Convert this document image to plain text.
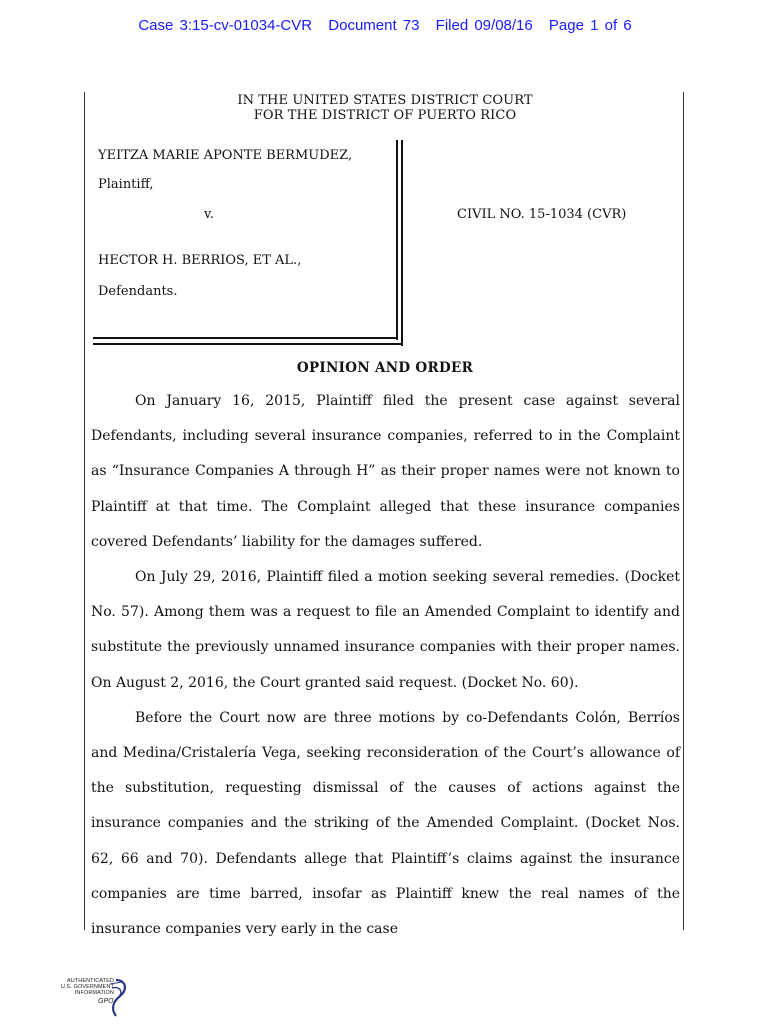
Case 3:15-cv-01034-CVR Document 73 Filed 09/08/16 Page 1 of 6
IN THE UNITED STATES DISTRICT COURT
FOR THE DISTRICT OF PUERTO RICO
YEITZA MARIE APONTE BERMUDEZ,
Plaintiff,
v.	CIVIL NO. 15-1034 (CVR)
HECTOR H. BERRIOS, ET AL.,
Defendants.
OPINION AND ORDER

On January 16, 2015, Plaintiff filed the present case against several Defendants, including several insurance companies, referred to in the Complaint as “Insurance Companies A through H” as their proper names were not known to Plaintiff at that time. The Complaint alleged that these insurance companies covered Defendants’ liability for the damages suffered.

On July 29, 2016, Plaintiff filed a motion seeking several remedies. (Docket No. 57). Among them was a request to file an Amended Complaint to identify and substitute the previously unnamed insurance companies with their proper names. On August 2, 2016, the Court granted said request. (Docket No. 60).

Before the Court now are three motions by co-Defendants Colón, Berríos and Medina/Cristalería Vega, seeking reconsideration of the Court’s allowance of the substitution, requesting dismissal of the causes of actions against the insurance companies and the striking of the Amended Complaint. (Docket Nos. 62, 66 and 70). Defendants allege that Plaintiff’s claims against the insurance companies are time barred, insofar as Plaintiff knew the real names of the insurance companies very early in the case

AUTHENTICATED
U.S. GOVERNMENT
INFORMATION
GPO
